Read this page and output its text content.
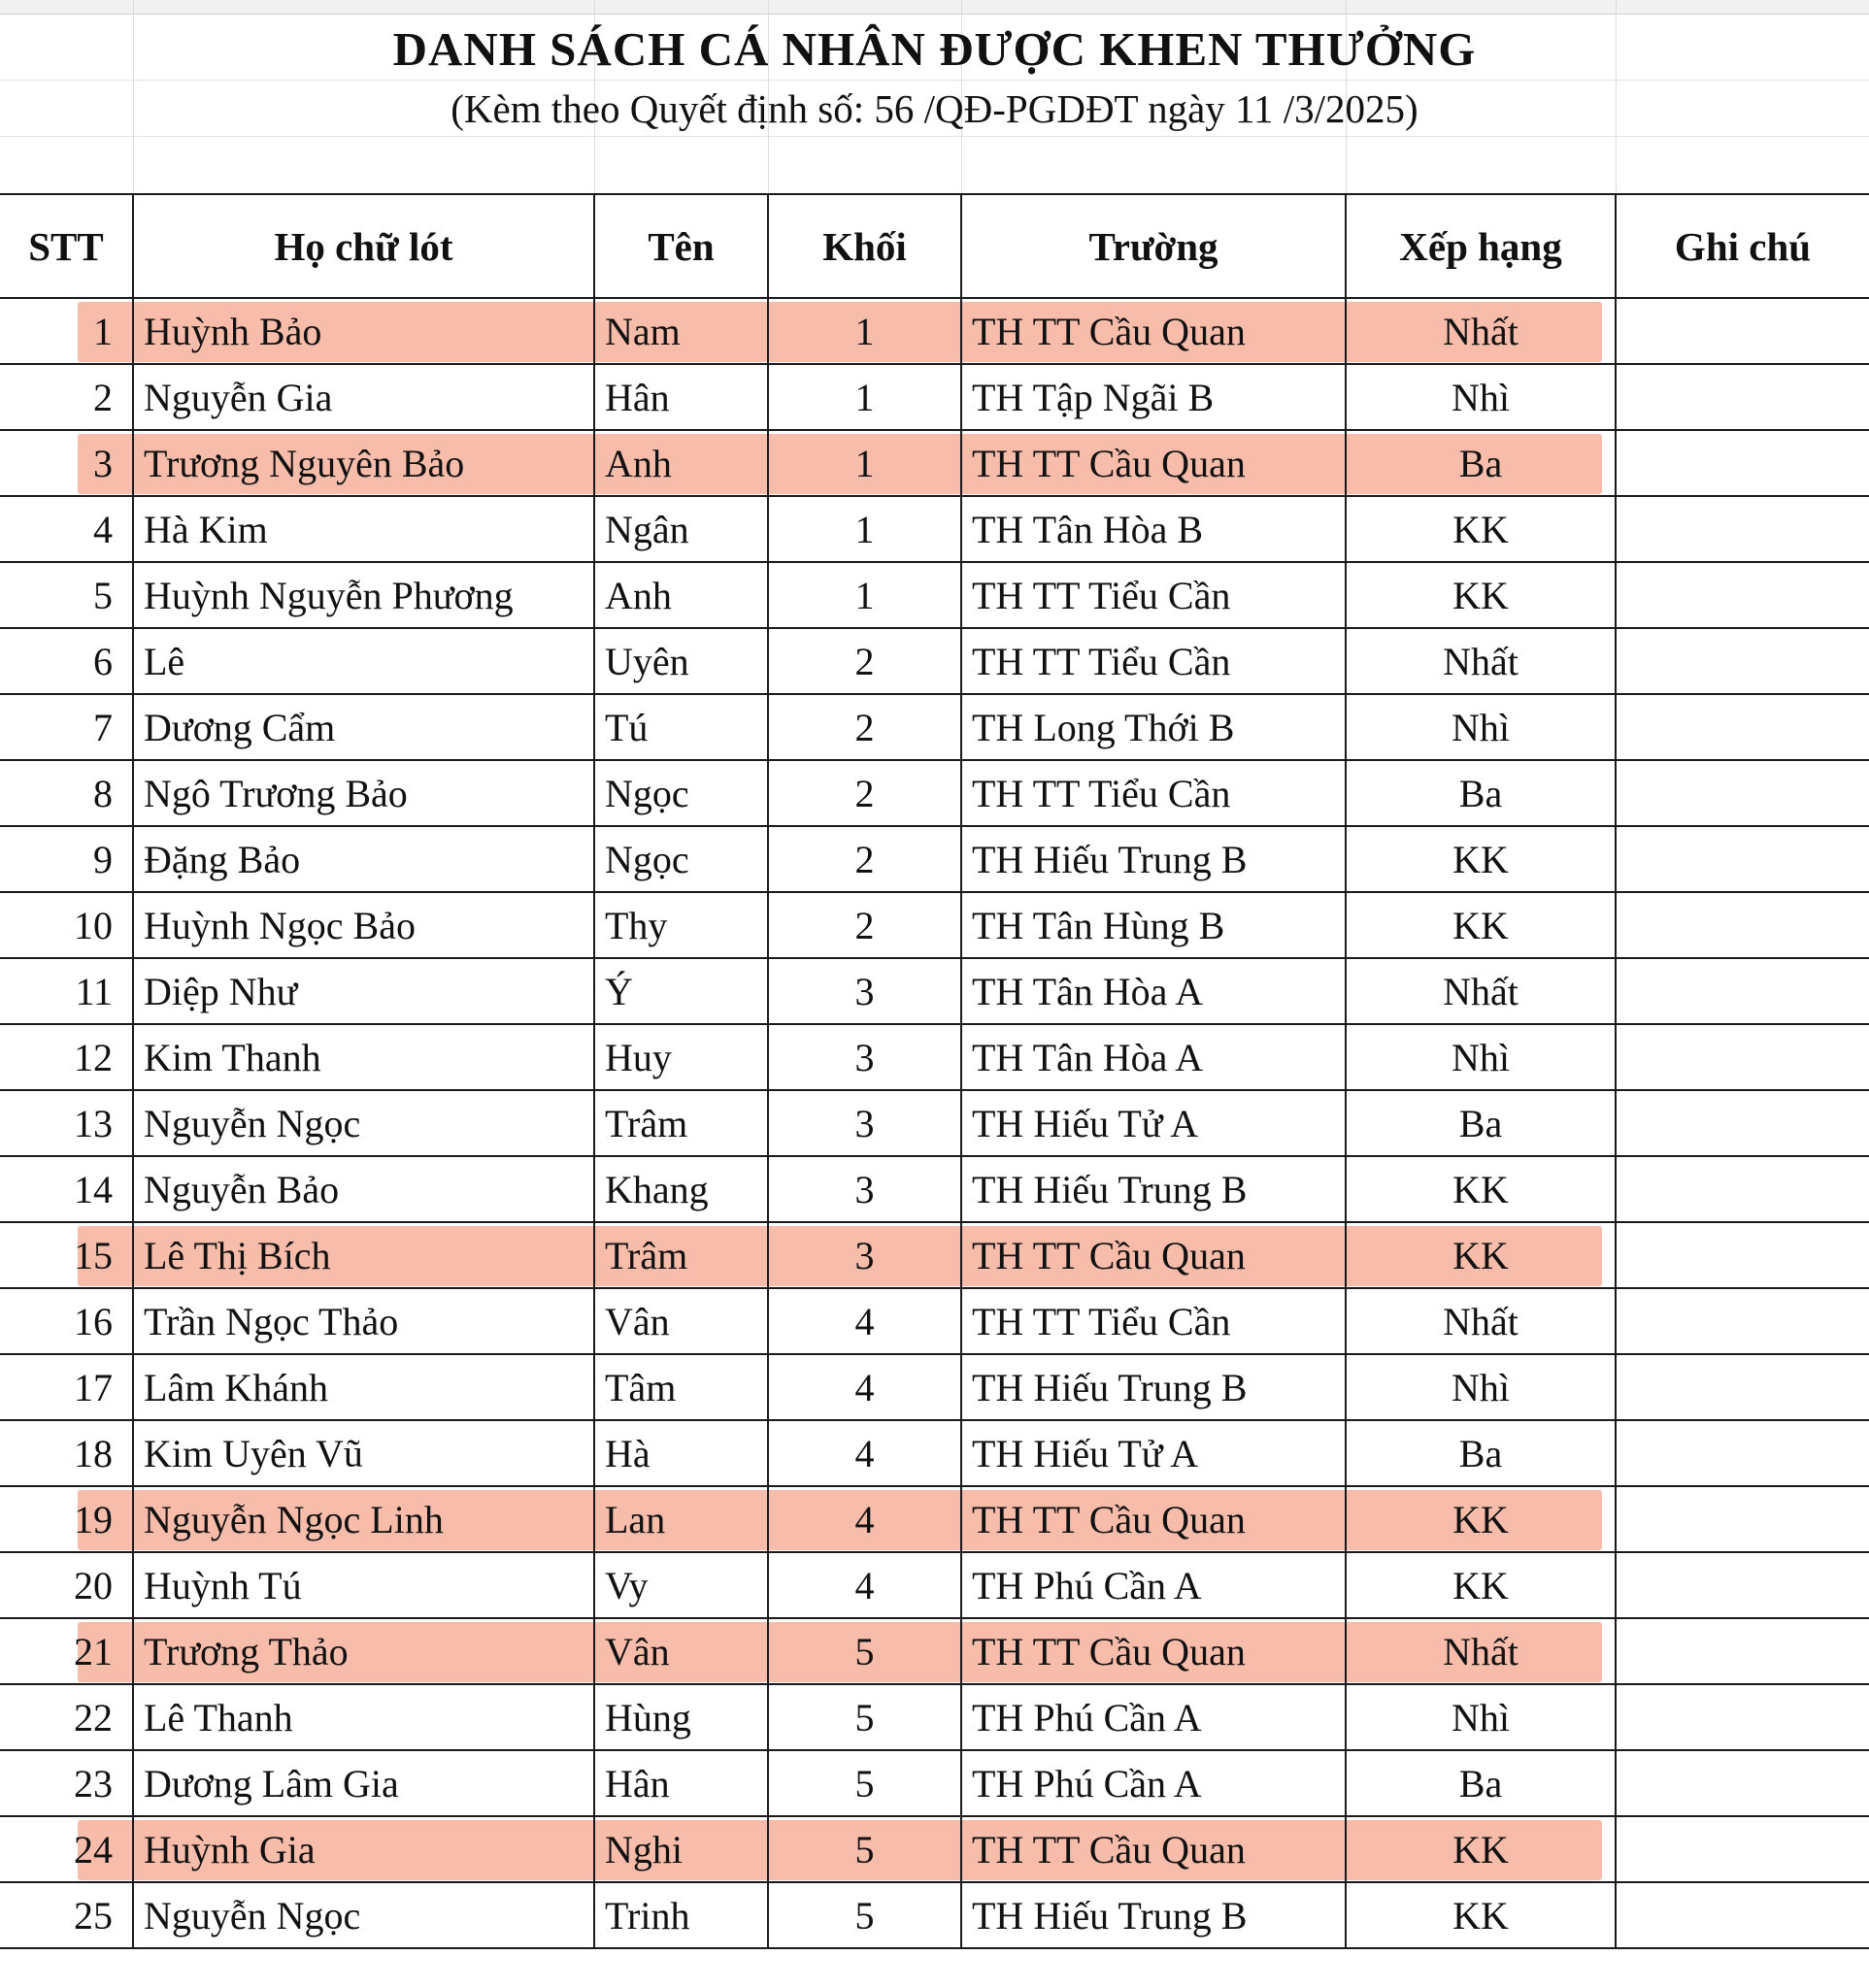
DANH SÁCH CÁ NHÂN ĐƯỢC KHEN THƯỞNG
(Kèm theo Quyết định số: 56 /QĐ-PGDĐT ngày 11 /3/2025)
STT	Họ chữ lót	Tên	Khối	Trường	Xếp hạng	Ghi chú
1	Huỳnh Bảo	Nam	1	TH TT Cầu Quan	Nhất	
2	Nguyễn Gia	Hân	1	TH Tập Ngãi B	Nhì	
3	Trương Nguyên Bảo	Anh	1	TH TT Cầu Quan	Ba	
4	Hà Kim	Ngân	1	TH Tân Hòa B	KK	
5	Huỳnh Nguyễn Phương	Anh	1	TH TT Tiểu Cần	KK	
6	Lê	Uyên	2	TH TT Tiểu Cần	Nhất	
7	Dương Cẩm	Tú	2	TH Long Thới B	Nhì	
8	Ngô Trương Bảo	Ngọc	2	TH TT Tiểu Cần	Ba	
9	Đặng Bảo	Ngọc	2	TH Hiếu Trung B	KK	
10	Huỳnh Ngọc Bảo	Thy	2	TH Tân Hùng B	KK	
11	Diệp Như	Ý	3	TH Tân Hòa A	Nhất	
12	Kim Thanh	Huy	3	TH Tân Hòa A	Nhì	
13	Nguyễn Ngọc	Trâm	3	TH Hiếu Tử A	Ba	
14	Nguyễn Bảo	Khang	3	TH Hiếu Trung B	KK	
15	Lê Thị Bích	Trâm	3	TH TT Cầu Quan	KK	
16	Trần Ngọc Thảo	Vân	4	TH TT Tiểu Cần	Nhất	
17	Lâm Khánh	Tâm	4	TH Hiếu Trung B	Nhì	
18	Kim Uyên Vũ	Hà	4	TH Hiếu Tử A	Ba	
19	Nguyễn Ngọc Linh	Lan	4	TH TT Cầu Quan	KK	
20	Huỳnh Tú	Vy	4	TH Phú Cần A	KK	
21	Trương Thảo	Vân	5	TH TT Cầu Quan	Nhất	
22	Lê Thanh	Hùng	5	TH Phú Cần A	Nhì	
23	Dương Lâm Gia	Hân	5	TH Phú Cần A	Ba	
24	Huỳnh Gia	Nghi	5	TH TT Cầu Quan	KK	
25	Nguyễn Ngọc	Trinh	5	TH Hiếu Trung B	KK	
